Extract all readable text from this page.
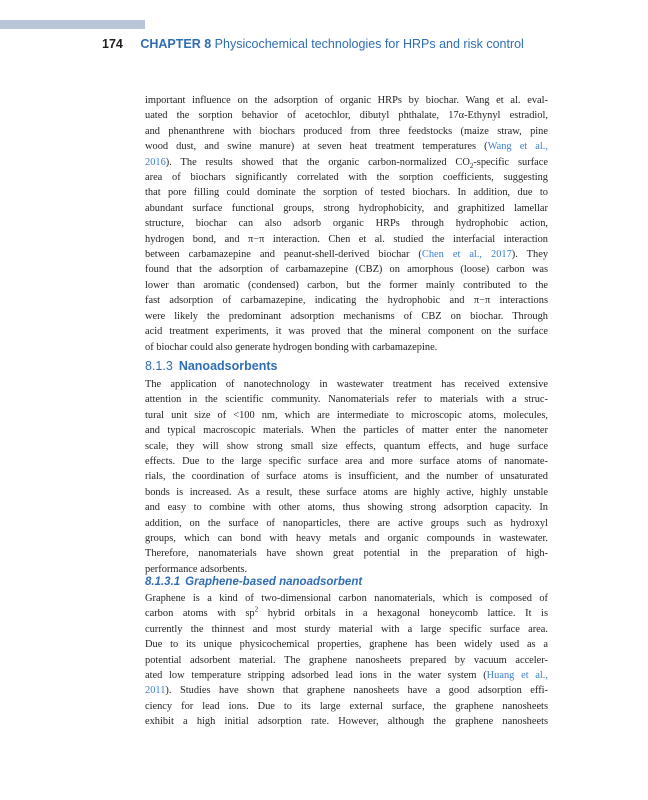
174 CHAPTER 8 Physicochemical technologies for HRPs and risk control
important influence on the adsorption of organic HRPs by biochar. Wang et al. eval-
uated the sorption behavior of acetochlor, dibutyl phthalate, 17α-Ethynyl estradiol,
and phenanthrene with biochars produced from three feedstocks (maize straw, pine
wood dust, and swine manure) at seven heat treatment temperatures (Wang et al.,
2016). The results showed that the organic carbon-normalized $CO_2$-specific surface
area of biochars significantly correlated with the sorption coefficients, suggesting
that pore filling could dominate the sorption of tested biochars. In addition, due to
abundant surface functional groups, strong hydrophobicity, and graphitized lamellar
structure, biochar can also adsorb organic HRPs through hydrophobic action,
hydrogen bond, and π−π interaction. Chen et al. studied the interfacial interaction
between carbamazepine and peanut-shell-derived biochar (Chen et al., 2017). They
found that the adsorption of carbamazepine (CBZ) on amorphous (loose) carbon was
lower than aromatic (condensed) carbon, but the former mainly contributed to the
fast adsorption of carbamazepine, indicating the hydrophobic and π−π interactions
were likely the predominant adsorption mechanisms of CBZ on biochar. Through
acid treatment experiments, it was proved that the mineral component on the surface
of biochar could also generate hydrogen bonding with carbamazepine.
8.1.3 Nanoadsorbents
The application of nanotechnology in wastewater treatment has received extensive
attention in the scientific community. Nanomaterials refer to materials with a struc-
tural unit size of <100 nm, which are intermediate to microscopic atoms, molecules,
and typical macroscopic materials. When the particles of matter enter the nanometer
scale, they will show strong small size effects, quantum effects, and huge surface
effects. Due to the large specific surface area and more surface atoms of nanomate-
rials, the coordination of surface atoms is insufficient, and the number of unsaturated
bonds is increased. As a result, these surface atoms are highly active, highly unstable
and easy to combine with other atoms, thus showing strong adsorption capacity. In
addition, on the surface of nanoparticles, there are active groups such as hydroxyl
groups, which can bond with heavy metals and organic compounds in wastewater.
Therefore, nanomaterials have shown great potential in the preparation of high-
performance adsorbents.
8.1.3.1 Graphene-based nanoadsorbent
Graphene is a kind of two-dimensional carbon nanomaterials, which is composed of
carbon atoms with $sp^2$ hybrid orbitals in a hexagonal honeycomb lattice. It is
currently the thinnest and most sturdy material with a large specific surface area.
Due to its unique physicochemical properties, graphene has been widely used as a
potential adsorbent material. The graphene nanosheets prepared by vacuum acceler-
ated low temperature stripping adsorbed lead ions in the water system (Huang et al.,
2011). Studies have shown that graphene nanosheets have a good adsorption effi-
ciency for lead ions. Due to its large external surface, the graphene nanosheets
exhibit a high initial adsorption rate. However, although the graphene nanosheets
